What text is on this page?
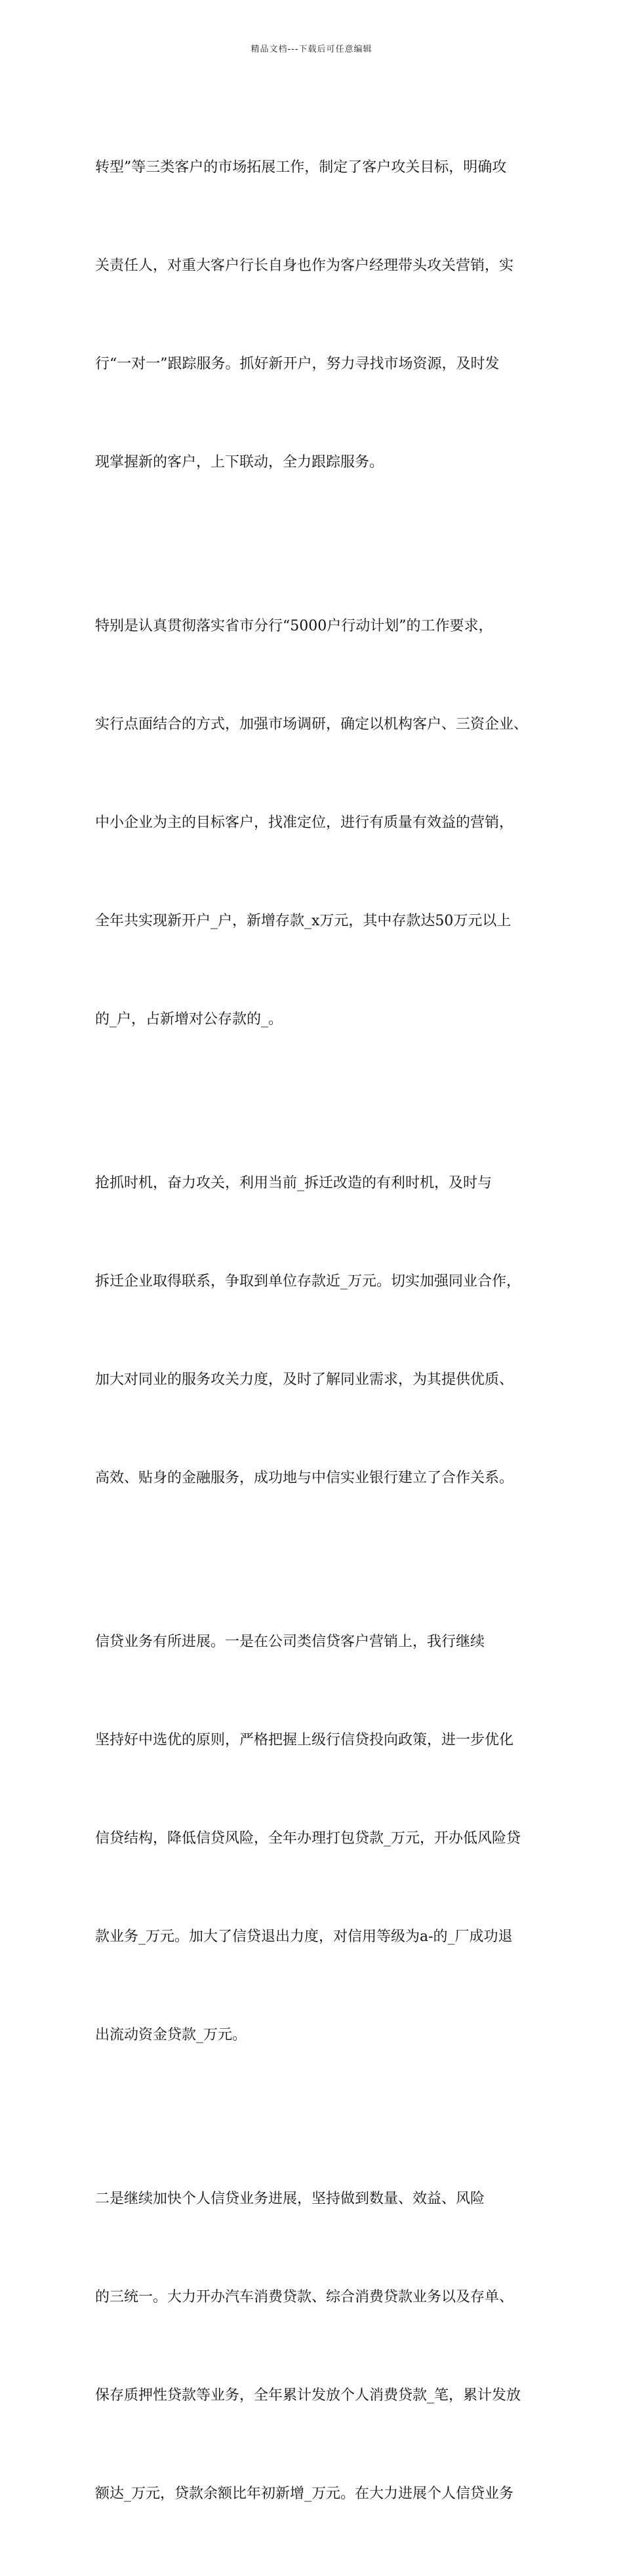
精品文档---下载后可任意编辑

转型”等三类客户的市场拓展工作，制定了客户攻关目标，明确攻

关责任人，对重大客户行长自身也作为客户经理带头攻关营销，实

行“一对一”跟踪服务。抓好新开户，努力寻找市场资源，及时发

现掌握新的客户，上下联动，全力跟踪服务。

特别是认真贯彻落实省市分行“5000户行动计划”的工作要求，

实行点面结合的方式，加强市场调研，确定以机构客户、三资企业、

中小企业为主的目标客户，找准定位，进行有质量有效益的营销，

全年共实现新开户_户，新增存款_x万元，其中存款达50万元以上

的_户，占新增对公存款的_。

抢抓时机，奋力攻关，利用当前_拆迁改造的有利时机，及时与

拆迁企业取得联系，争取到单位存款近_万元。切实加强同业合作，

加大对同业的服务攻关力度，及时了解同业需求，为其提供优质、

高效、贴身的金融服务，成功地与中信实业银行建立了合作关系。

信贷业务有所进展。一是在公司类信贷客户营销上，我行继续

坚持好中选优的原则，严格把握上级行信贷投向政策，进一步优化

信贷结构，降低信贷风险，全年办理打包贷款_万元，开办低风险贷

款业务_万元。加大了信贷退出力度，对信用等级为a-的_厂成功退

出流动资金贷款_万元。

二是继续加快个人信贷业务进展，坚持做到数量、效益、风险

的三统一。大力开办汽车消费贷款、综合消费贷款业务以及存单、

保存质押性贷款等业务，全年累计发放个人消费贷款_笔，累计发放

额达_万元，贷款余额比年初新增_万元。在大力进展个人信贷业务
